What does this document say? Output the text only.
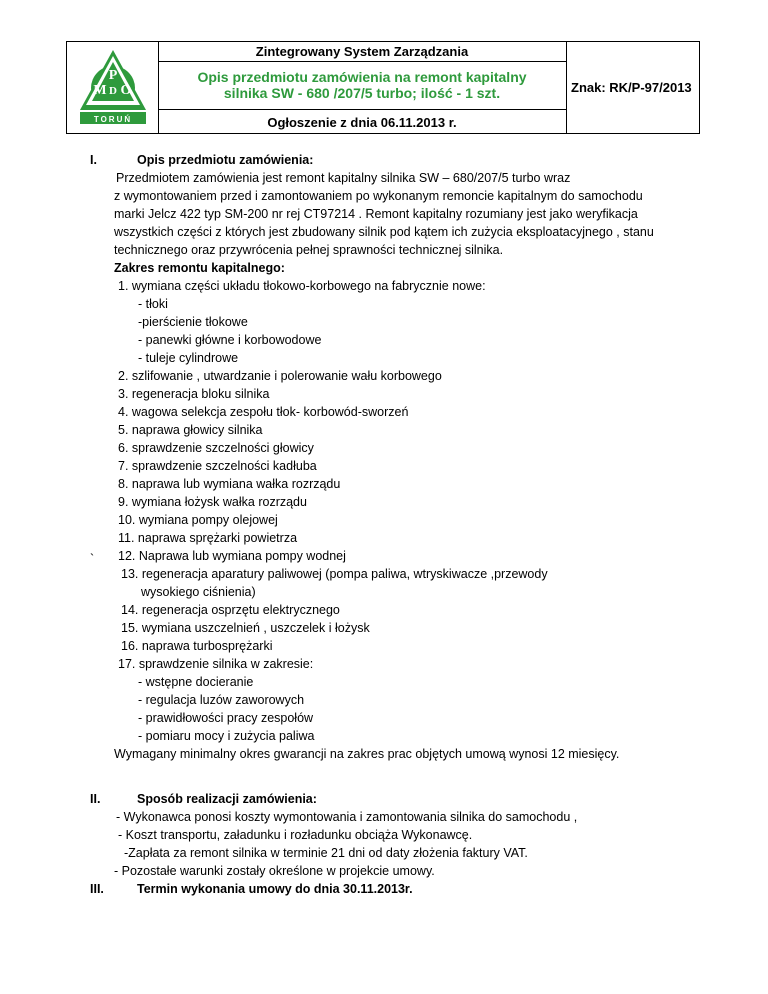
P
M O
D
TORUŃ
Zintegrowany System Zarządzania
Opis przedmiotu zamówienia na remont kapitalny
silnika SW - 680 /207/5 turbo; ilość - 1 szt.
Ogłoszenie z dnia 06.11.2013 r.
Znak: RK/P-97/2013
I.	Opis przedmiotu zamówienia:
Przedmiotem zamówienia jest remont kapitalny silnika SW – 680/207/5 turbo wraz
z wymontowaniem przed i zamontowaniem po wykonanym remoncie kapitalnym do samochodu
marki Jelcz 422 typ SM-200 nr rej CT97214 . Remont kapitalny rozumiany jest jako weryfikacja
wszystkich części z których jest zbudowany silnik pod kątem ich zużycia eksploatacyjnego , stanu
technicznego oraz przywrócenia pełnej sprawności technicznej silnika.
Zakres remontu kapitalnego:
1. wymiana części układu tłokowo-korbowego na fabrycznie nowe:
- tłoki
-pierścienie tłokowe
- panewki główne i korbowodowe
- tuleje cylindrowe
2. szlifowanie , utwardzanie i polerowanie wału korbowego
3. regeneracja bloku silnika
4. wagowa selekcja zespołu tłok- korbowód-sworzeń
5. naprawa głowicy silnika
6. sprawdzenie szczelności głowicy
7. sprawdzenie szczelności kadłuba
8. naprawa lub wymiana wałka rozrządu
9. wymiana łożysk wałka rozrządu
10. wymiana pompy olejowej
11. naprawa sprężarki powietrza
` 12. Naprawa lub wymiana pompy wodnej
13. regeneracja aparatury paliwowej (pompa paliwa, wtryskiwacze ,przewody
wysokiego ciśnienia)
14. regeneracja osprzętu elektrycznego
15. wymiana uszczelnień , uszczelek i łożysk
16. naprawa turbosprężarki
17. sprawdzenie silnika w zakresie:
- wstępne docieranie
- regulacja luzów zaworowych
- prawidłowości pracy zespołów
- pomiaru mocy i zużycia paliwa
Wymagany minimalny okres gwarancji na zakres prac objętych umową wynosi 12 miesięcy.
II.	Sposób realizacji zamówienia:
- Wykonawca ponosi koszty wymontowania i zamontowania silnika do samochodu ,
- Koszt transportu, załadunku i rozładunku obciąża Wykonawcę.
-Zapłata za remont silnika w terminie 21 dni od daty złożenia faktury VAT.
- Pozostałe warunki zostały określone w projekcie umowy.
III.	Termin wykonania umowy do dnia 30.11.2013r.
